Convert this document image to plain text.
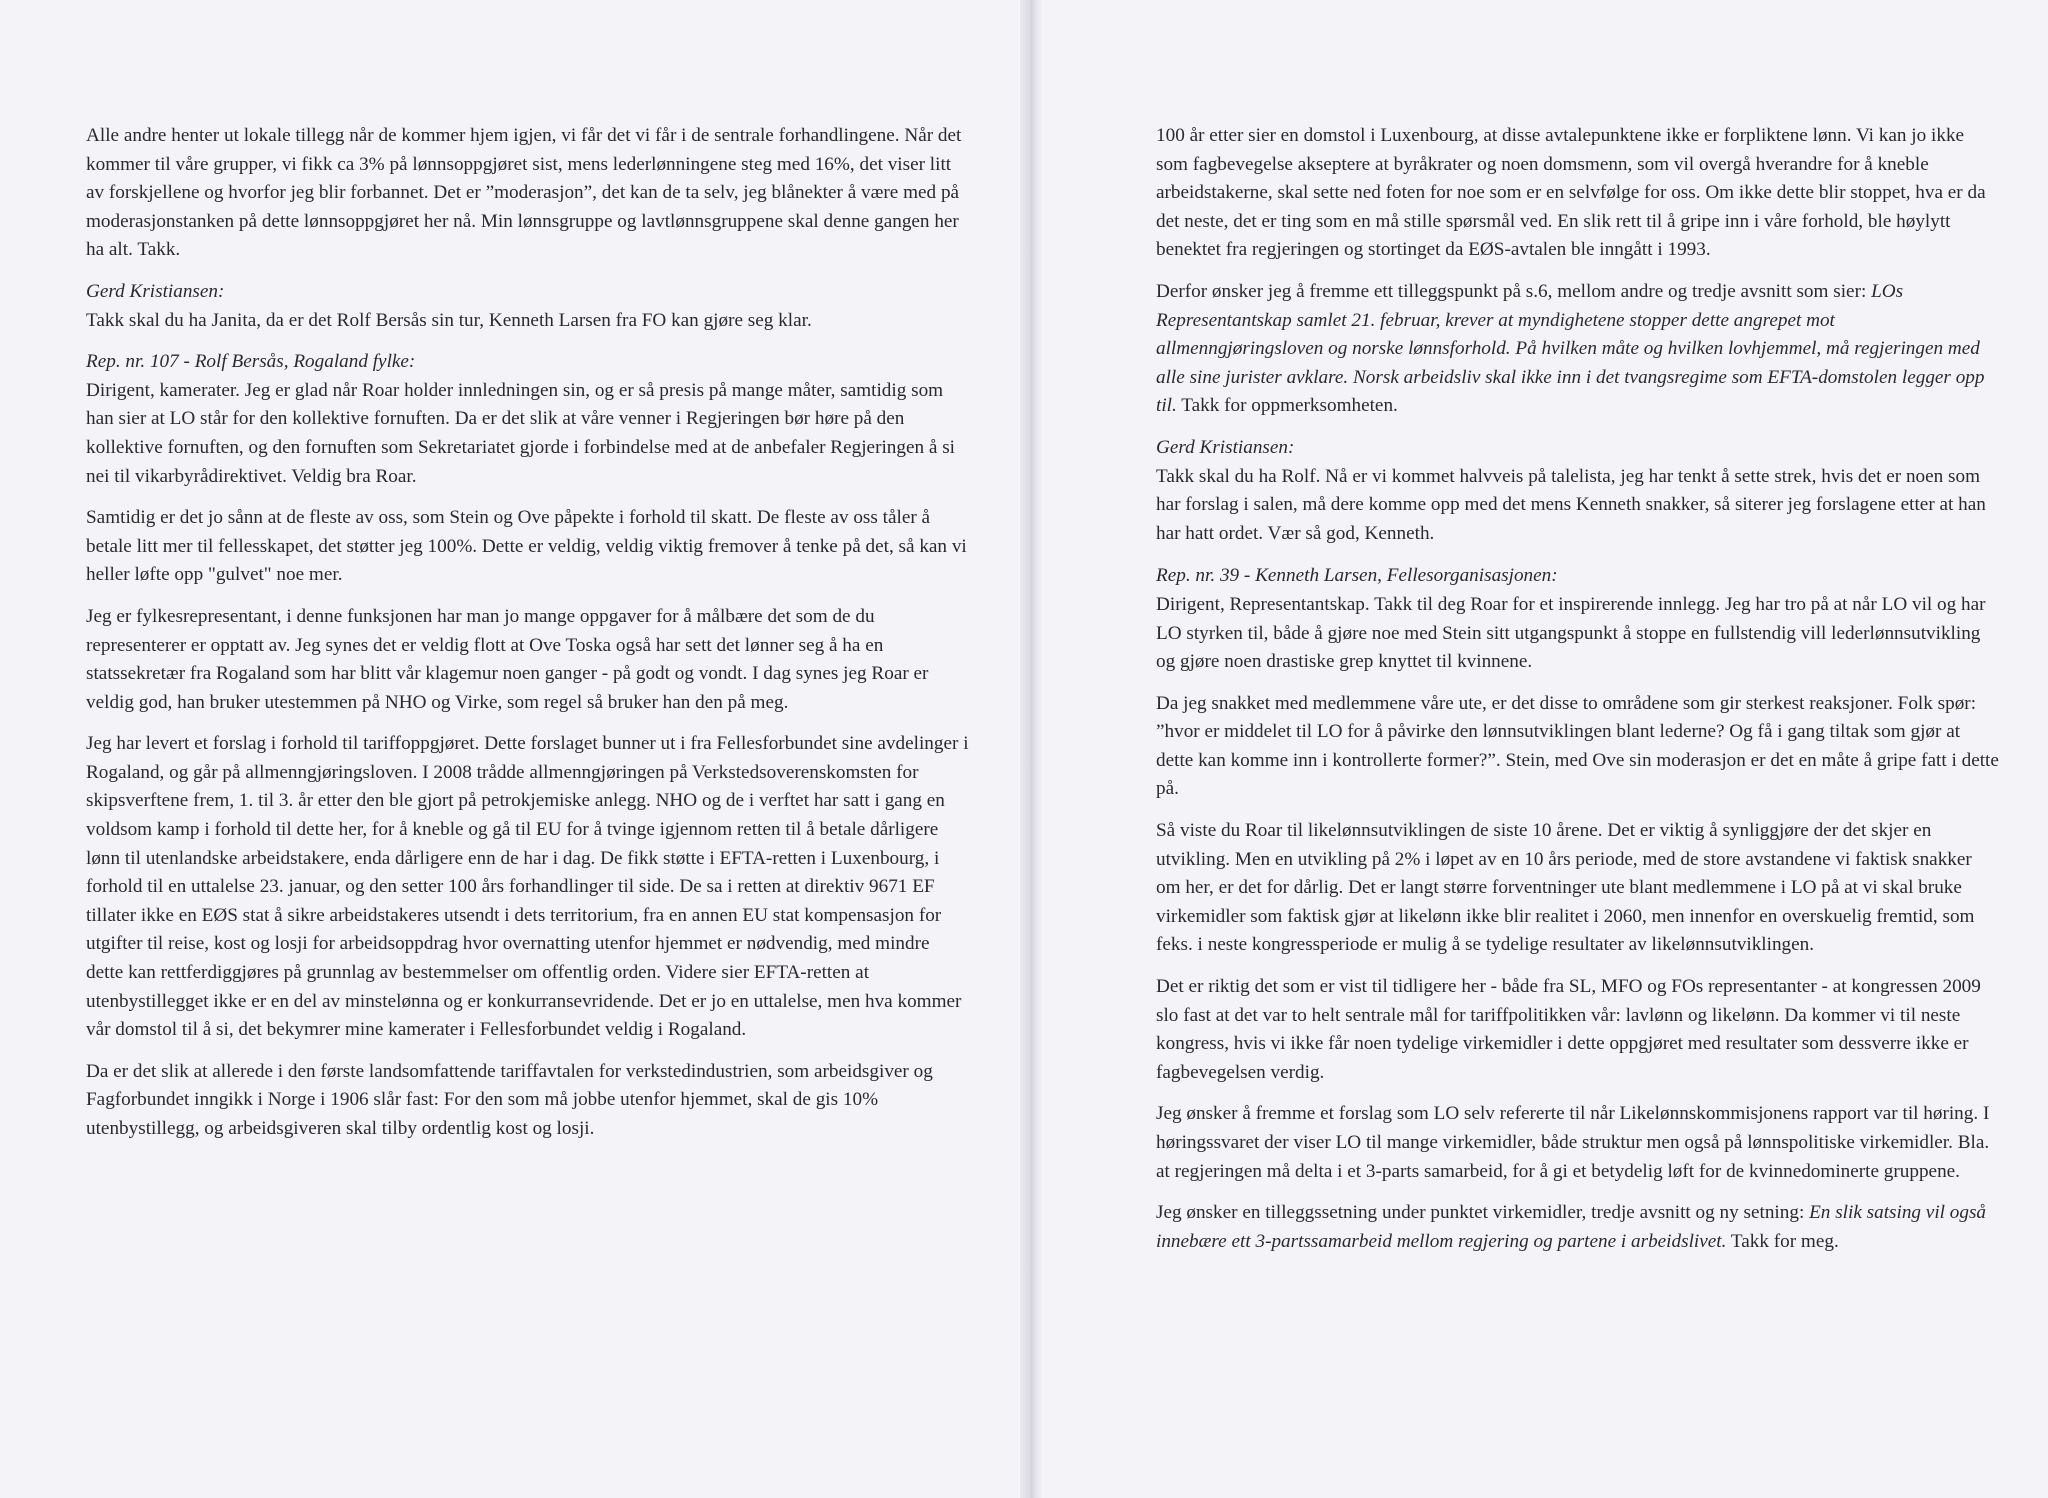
Alle andre henter ut lokale tillegg når de kommer hjem igjen, vi får det vi får i de sentrale forhandlingene. Når det kommer til våre grupper, vi fikk ca 3% på lønnsoppgjøret sist, mens lederlønningene steg med 16%, det viser litt av forskjellene og hvorfor jeg blir forbannet. Det er ”moderasjon”, det kan de ta selv, jeg blånekter å være med på moderasjonstanken på dette lønnsoppgjøret her nå. Min lønnsgruppe og lavtlønnsgruppene skal denne gangen her ha alt. Takk.

Gerd Kristiansen:

Takk skal du ha Janita, da er det Rolf Bersås sin tur, Kenneth Larsen fra FO kan gjøre seg klar.

Rep. nr. 107 - Rolf Bersås, Rogaland fylke:

Dirigent, kamerater. Jeg er glad når Roar holder innledningen sin, og er så presis på mange måter, samtidig som han sier at LO står for den kollektive fornuften. Da er det slik at våre venner i Regjeringen bør høre på den kollektive fornuften, og den fornuften som Sekretariatet gjorde i forbindelse med at de anbefaler Regjeringen å si nei til vikarbyrådirektivet. Veldig bra Roar.

Samtidig er det jo sånn at de fleste av oss, som Stein og Ove påpekte i forhold til skatt. De fleste av oss tåler å betale litt mer til fellesskapet, det støtter jeg 100%. Dette er veldig, veldig viktig fremover å tenke på det, så kan vi heller løfte opp "gulvet" noe mer.

Jeg er fylkesrepresentant, i denne funksjonen har man jo mange oppgaver for å målbære det som de du representerer er opptatt av. Jeg synes det er veldig flott at Ove Toska også har sett det lønner seg å ha en statssekretær fra Rogaland som har blitt vår klagemur noen ganger - på godt og vondt. I dag synes jeg Roar er veldig god, han bruker utestemmen på NHO og Virke, som regel så bruker han den på meg.

Jeg har levert et forslag i forhold til tariffoppgjøret. Dette forslaget bunner ut i fra Fellesforbundet sine avdelinger i Rogaland, og går på allmenngjøringsloven. I 2008 trådde allmenngjøringen på Verkstedsoverenskomsten for skipsverftene frem, 1. til 3. år etter den ble gjort på petrokjemiske anlegg. NHO og de i verftet har satt i gang en voldsom kamp i forhold til dette her, for å kneble og gå til EU for å tvinge igjennom retten til å betale dårligere lønn til utenlandske arbeidstakere, enda dårligere enn de har i dag. De fikk støtte i EFTA-retten i Luxenbourg, i forhold til en uttalelse 23. januar, og den setter 100 års forhandlinger til side. De sa i retten at direktiv 9671 EF tillater ikke en EØS stat å sikre arbeidstakeres utsendt i dets territorium, fra en annen EU stat kompensasjon for utgifter til reise, kost og losji for arbeidsoppdrag hvor overnatting utenfor hjemmet er nødvendig, med mindre dette kan rettferdiggjøres på grunnlag av bestemmelser om offentlig orden. Videre sier EFTA-retten at utenbystillegget ikke er en del av minstelønna og er konkurransevridende. Det er jo en uttalelse, men hva kommer vår domstol til å si, det bekymrer mine kamerater i Fellesforbundet veldig i Rogaland.

Da er det slik at allerede i den første landsomfattende tariffavtalen for verkstedindustrien, som arbeidsgiver og Fagforbundet inngikk i Norge i 1906 slår fast: For den som må jobbe utenfor hjemmet, skal de gis 10% utenbystillegg, og arbeidsgiveren skal tilby ordentlig kost og losji.

100 år etter sier en domstol i Luxenbourg, at disse avtalepunktene ikke er forpliktene lønn. Vi kan jo ikke som fagbevegelse akseptere at byråkrater og noen domsmenn, som vil overgå hverandre for å kneble arbeidstakerne, skal sette ned foten for noe som er en selvfølge for oss. Om ikke dette blir stoppet, hva er da det neste, det er ting som en må stille spørsmål ved. En slik rett til å gripe inn i våre forhold, ble høylytt benektet fra regjeringen og stortinget da EØS-avtalen ble inngått i 1993.

Derfor ønsker jeg å fremme ett tilleggspunkt på s.6, mellom andre og tredje avsnitt som sier: LOs Representantskap samlet 21. februar, krever at myndighetene stopper dette angrepet mot allmenngjøringsloven og norske lønnsforhold. På hvilken måte og hvilken lovhjemmel, må regjeringen med alle sine jurister avklare. Norsk arbeidsliv skal ikke inn i det tvangsregime som EFTA-domstolen legger opp til. Takk for oppmerksomheten.

Gerd Kristiansen:

Takk skal du ha Rolf. Nå er vi kommet halvveis på talelista, jeg har tenkt å sette strek, hvis det er noen som har forslag i salen, må dere komme opp med det mens Kenneth snakker, så siterer jeg forslagene etter at han har hatt ordet. Vær så god, Kenneth.

Rep. nr. 39 - Kenneth Larsen, Fellesorganisasjonen:

Dirigent, Representantskap. Takk til deg Roar for et inspirerende innlegg. Jeg har tro på at når LO vil og har LO styrken til, både å gjøre noe med Stein sitt utgangspunkt å stoppe en fullstendig vill lederlønnsutvikling og gjøre noen drastiske grep knyttet til kvinnene.

Da jeg snakket med medlemmene våre ute, er det disse to områdene som gir sterkest reaksjoner. Folk spør: ”hvor er middelet til LO for å påvirke den lønnsutviklingen blant lederne? Og få i gang tiltak som gjør at dette kan komme inn i kontrollerte former?”. Stein, med Ove sin moderasjon er det en måte å gripe fatt i dette på.

Så viste du Roar til likelønnsutviklingen de siste 10 årene. Det er viktig å synliggjøre der det skjer en utvikling. Men en utvikling på 2% i løpet av en 10 års periode, med de store avstandene vi faktisk snakker om her, er det for dårlig. Det er langt større forventninger ute blant medlemmene i LO på at vi skal bruke virkemidler som faktisk gjør at likelønn ikke blir realitet i 2060, men innenfor en overskuelig fremtid, som feks. i neste kongressperiode er mulig å se tydelige resultater av likelønnsutviklingen.

Det er riktig det som er vist til tidligere her - både fra SL, MFO og FOs representanter - at kongressen 2009 slo fast at det var to helt sentrale mål for tariffpolitikken vår: lavlønn og likelønn. Da kommer vi til neste kongress, hvis vi ikke får noen tydelige virkemidler i dette oppgjøret med resultater som dessverre ikke er fagbevegelsen verdig.

Jeg ønsker å fremme et forslag som LO selv refererte til når Likelønnskommisjonens rapport var til høring. I høringssvaret der viser LO til mange virkemidler, både struktur men også på lønnspolitiske virkemidler. Bla. at regjeringen må delta i et 3-parts samarbeid, for å gi et betydelig løft for de kvinnedominerte gruppene.

Jeg ønsker en tilleggssetning under punktet virkemidler, tredje avsnitt og ny setning: En slik satsing vil også innebære ett 3-partssamarbeid mellom regjering og partene i arbeidslivet. Takk for meg.
